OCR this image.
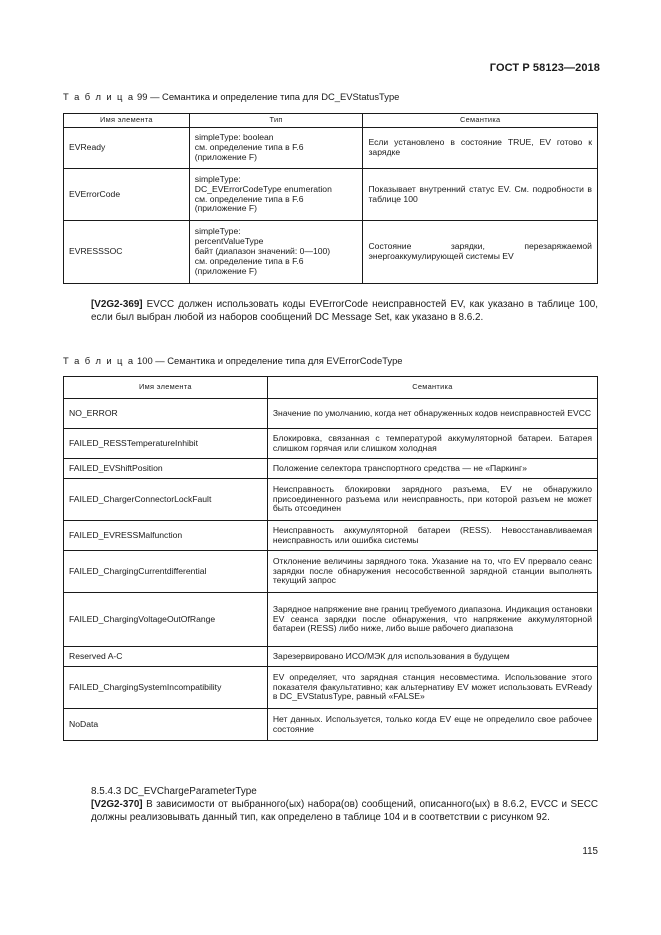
ГОСТ Р 58123—2018
Т а б л и ц а 99 — Семантика и определение типа для DC_EVStatusType
Имя элемента	Тип	Семантика
EVReady	simpleType: boolean
см. определение типа в F.6
(приложение F)	Если установлено в состояние TRUE, EV готово к зарядке
EVErrorCode	simpleType:
DC_EVErrorCodeType enumeration
см. определение типа в F.6
(приложение F)	Показывает внутренний статус EV. См. подробности в таблице 100
EVRESSSOC	simpleType:
percentValueType
байт (диапазон значений: 0—100)
см. определение типа в F.6
(приложение F)	Состояние зарядки, перезаряжаемой энергоаккумулирующей системы EV
[V2G2-369] EVCC должен использовать коды EVErrorCode неисправностей EV, как указано в таблице 100, если был выбран любой из наборов сообщений DC Message Set, как указано в 8.6.2.
Т а б л и ц а 100 — Семантика и определение типа для EVErrorCodeType
Имя элемента	Семантика
NO_ERROR	Значение по умолчанию, когда нет обнаруженных кодов неисправностей EVCC
FAILED_RESSTemperatureInhibit	Блокировка, связанная с температурой аккумуляторной батареи. Батарея слишком горячая или слишком холодная
FAILED_EVShiftPosition	Положение селектора транспортного средства — не «Паркинг»
FAILED_ChargerConnectorLockFault	Неисправность блокировки зарядного разъема, EV не обнаружило присоединенного разъема или неисправность, при которой разъем не может быть отсоединен
FAILED_EVRESSMalfunction	Неисправность аккумуляторной батареи (RESS). Невосстанавливаемая неисправность или ошибка системы
FAILED_ChargingCurrentdifferential	Отклонение величины зарядного тока. Указание на то, что EV прервало сеанс зарядки после обнаружения несособственной зарядной станции выполнять текущий запрос
FAILED_ChargingVoltageOutOfRange	Зарядное напряжение вне границ требуемого диапазона. Индикация остановки EV сеанса зарядки после обнаружения, что напряжение аккумуляторной батареи (RESS) либо ниже, либо выше рабочего диапазона
Reserved A-C	Зарезервировано ИСО/МЭК для использования в будущем
FAILED_ChargingSystemIncompatibility	EV определяет, что зарядная станция несовместима. Использование этого показателя факультативно; как альтернативу EV может использовать EVReady в DC_EVStatusType, равный «FALSE»
NoData	Нет данных. Используется, только когда EV еще не определило свое рабочее состояние
8.5.4.3 DC_EVChargeParameterType
[V2G2-370] В зависимости от выбранного(ых) набора(ов) сообщений, описанного(ых) в 8.6.2, EVCC и SECC должны реализовывать данный тип, как определено в таблице 104 и в соответствии с рисунком 92.
115
